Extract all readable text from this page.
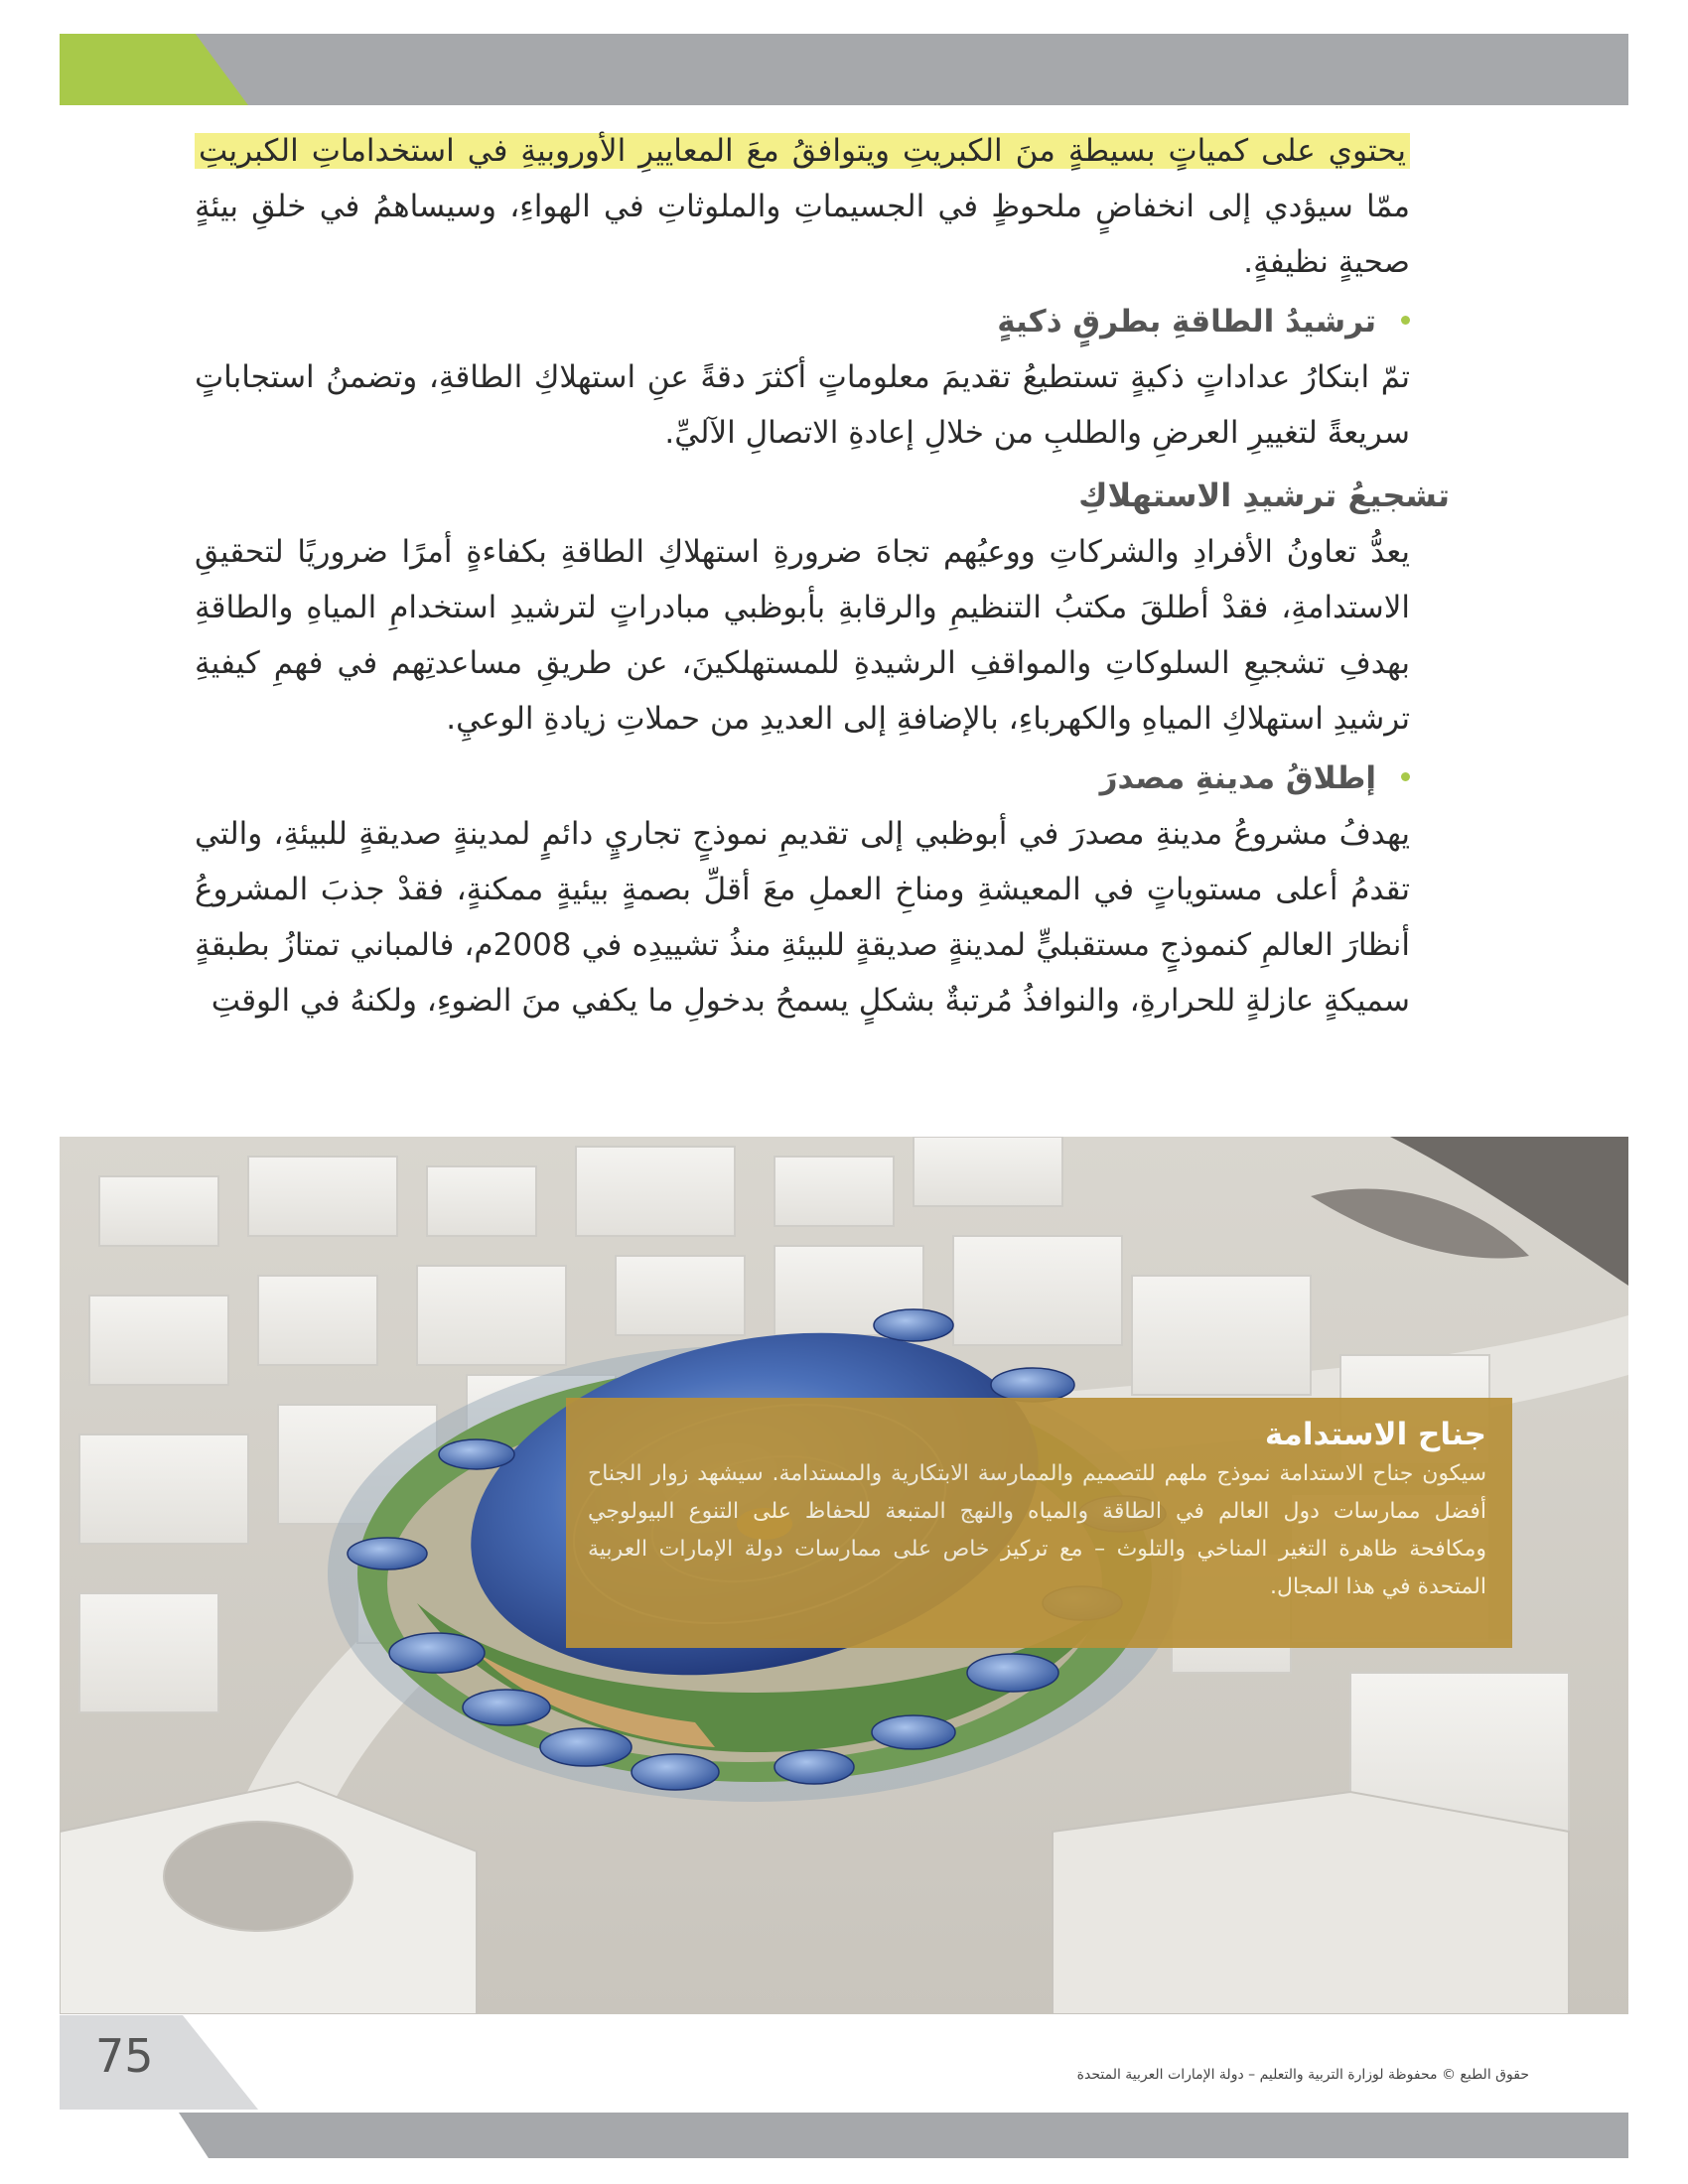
يحتوي على كمياتٍ بسيطةٍ منَ الكبريتِ ويتوافقُ معَ المعاييرِ الأوروبيةِ في استخداماتِ الكبريتِ ممّا سيؤدي إلى انخفاضٍ ملحوظٍ في الجسيماتِ والملوثاتِ في الهواءِ، وسيساهمُ في خلقِ بيئةٍ صحيةٍ نظيفةٍ.

ترشيدُ الطاقةِ بطرقٍ ذكيةٍ

تمّ ابتكارُ عداداتٍ ذكيةٍ تستطيعُ تقديمَ معلوماتٍ أكثرَ دقةً عنِ استهلاكِ الطاقةِ، وتضمنُ استجاباتٍ سريعةً لتغييرِ العرضِ والطلبِ من خلالِ إعادةِ الاتصالِ الآليِّ.

تشجيعُ ترشيدِ الاستهلاكِ

يعدُّ تعاونُ الأفرادِ والشركاتِ ووعيُهم تجاهَ ضرورةِ استهلاكِ الطاقةِ بكفاءةٍ أمرًا ضروريًا لتحقيقِ الاستدامةِ، فقدْ أطلقَ مكتبُ التنظيمِ والرقابةِ بأبوظبي مبادراتٍ لترشيدِ استخدامِ المياهِ والطاقةِ بهدفِ تشجيعِ السلوكاتِ والمواقفِ الرشيدةِ للمستهلكينَ، عن طريقِ مساعدتِهم في فهمِ كيفيةِ ترشيدِ استهلاكِ المياهِ والكهرباءِ، بالإضافةِ إلى العديدِ من حملاتِ زيادةِ الوعيِ.

إطلاقُ مدينةِ مصدرَ

يهدفُ مشروعُ مدينةِ مصدرَ في أبوظبي إلى تقديمِ نموذجٍ تجاريٍ دائمٍ لمدينةٍ صديقةٍ للبيئةِ، والتي تقدمُ أعلى مستوياتٍ في المعيشةِ ومناخِ العملِ معَ أقلِّ بصمةٍ بيئيةٍ ممكنةٍ، فقدْ جذبَ المشروعُ أنظارَ العالمِ كنموذجٍ مستقبليٍّ لمدينةٍ صديقةٍ للبيئةِ منذُ تشييدِه في 2008م، فالمباني تمتازُ بطبقةٍ سميكةٍ عازلةٍ للحرارةِ، والنوافذُ مُرتبةٌ بشكلٍ يسمحُ بدخولِ ما يكفي منَ الضوءِ، ولكنهُ في الوقتِ

جناح الاستدامة
سيكون جناح الاستدامة نموذج ملهم للتصميم والممارسة الابتكارية والمستدامة. سيشهد زوار الجناح أفضل ممارسات دول العالم في الطاقة والمياه والنهج المتبعة للحفاظ على التنوع البيولوجي ومكافحة ظاهرة التغير المناخي والتلوث – مع تركيز خاص على ممارسات دولة الإمارات العربية المتحدة في هذا المجال.
75	حقوق الطبع © محفوظة لوزارة التربية والتعليم – دولة الإمارات العربية المتحدة
